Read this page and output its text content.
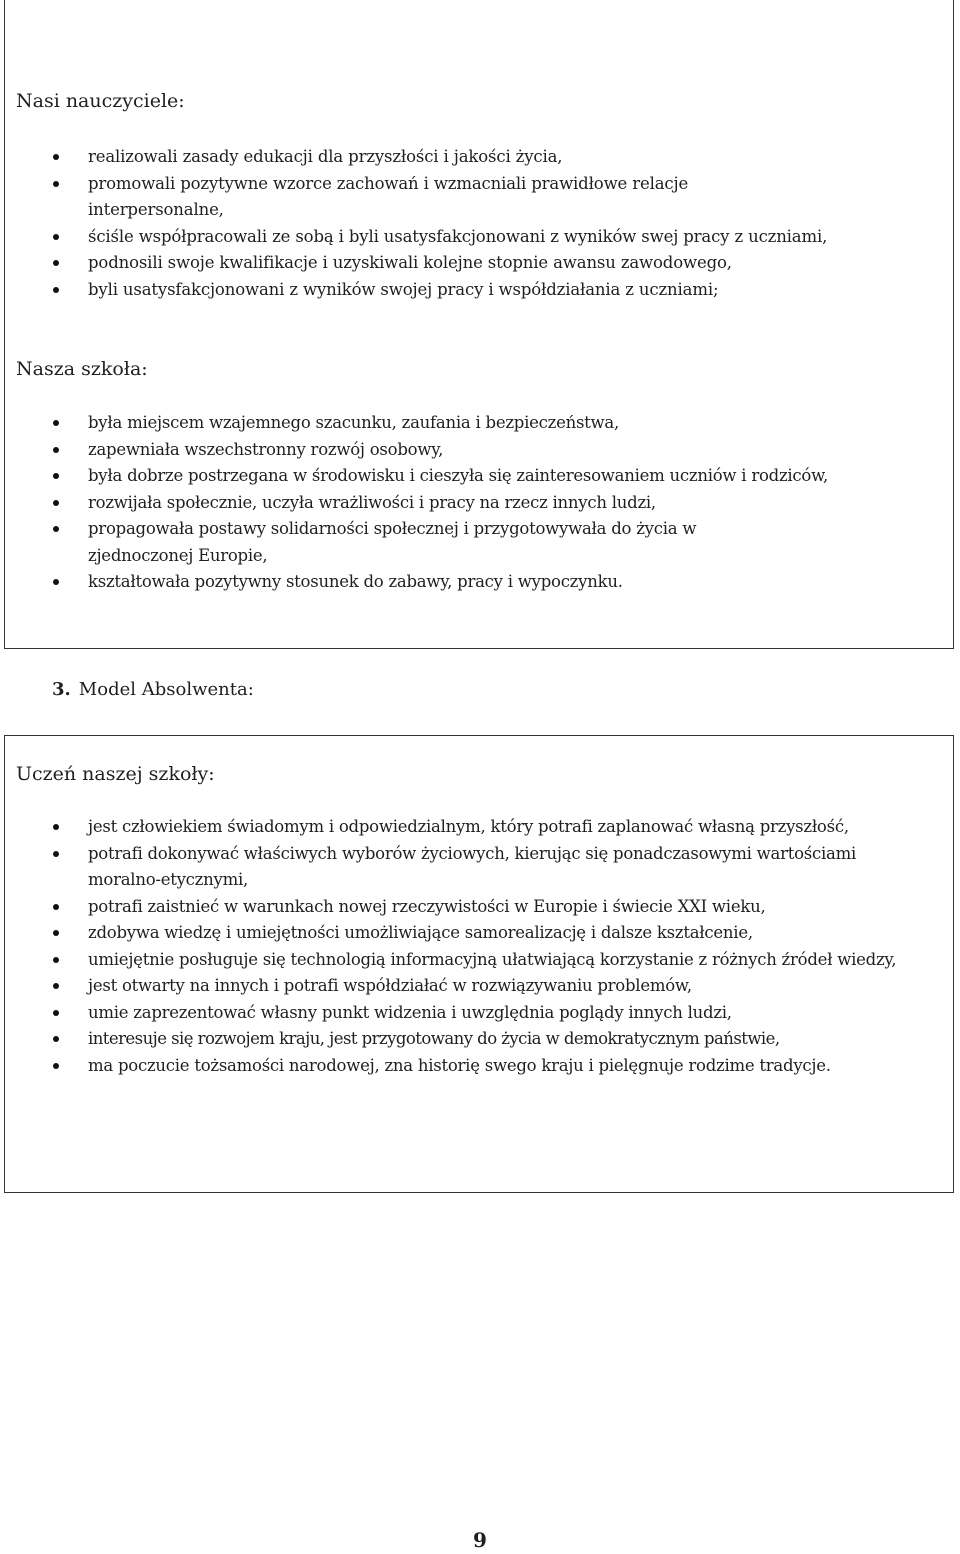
Nasi nauczyciele:
realizowali zasady edukacji dla przyszłości i jakości życia,
promowali pozytywne wzorce zachowań i wzmacniali prawidłowe relacje interpersonalne,
ściśle współpracowali ze sobą i byli usatysfakcjonowani z wyników swej pracy z uczniami,
podnosili swoje kwalifikacje i uzyskiwali kolejne stopnie awansu zawodowego,
byli usatysfakcjonowani z wyników swojej pracy i współdziałania z uczniami;
Nasza szkoła:
była miejscem wzajemnego szacunku, zaufania i bezpieczeństwa,
zapewniała wszechstronny rozwój osobowy,
była dobrze postrzegana w środowisku i cieszyła się zainteresowaniem uczniów i rodziców,
rozwijała społecznie, uczyła wrażliwości i pracy na rzecz innych ludzi,
propagowała postawy solidarności społecznej i przygotowywała do życia w zjednoczonej Europie,
kształtowała pozytywny stosunek do zabawy, pracy i wypoczynku.
3. Model Absolwenta:
Uczeń naszej szkoły:
jest człowiekiem świadomym i odpowiedzialnym, który potrafi zaplanować własną przyszłość,
potrafi dokonywać właściwych wyborów życiowych, kierując się ponadczasowymi wartościami moralno-etycznymi,
potrafi zaistnieć w warunkach nowej rzeczywistości w Europie i świecie XXI wieku,
zdobywa wiedzę i umiejętności umożliwiające samorealizację i dalsze kształcenie,
umiejętnie posługuje się technologią informacyjną ułatwiającą korzystanie z różnych źródeł wiedzy,
jest otwarty na innych i potrafi współdziałać w rozwiązywaniu problemów,
umie zaprezentować własny punkt widzenia i uwzględnia poglądy innych ludzi,
interesuje się rozwojem kraju, jest przygotowany do życia w demokratycznym państwie,
ma poczucie tożsamości narodowej, zna historię swego kraju i pielęgnuje rodzime tradycje.
9
